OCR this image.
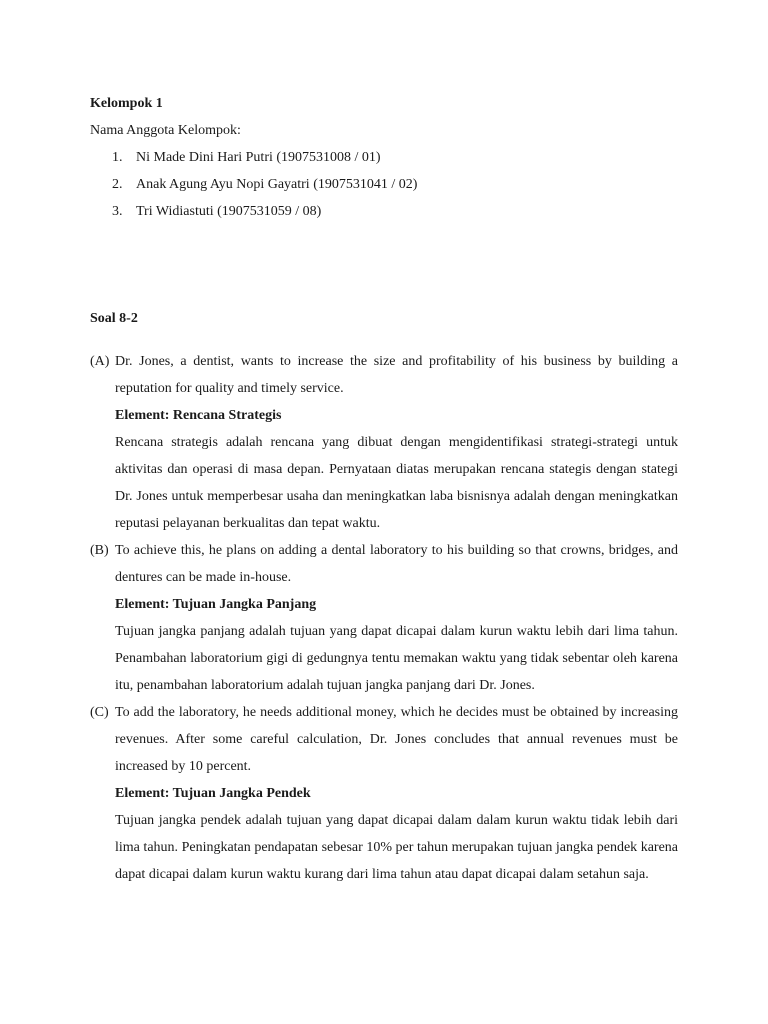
Kelompok 1
Nama Anggota Kelompok:
1. Ni Made Dini Hari Putri (1907531008 / 01)
2. Anak Agung Ayu Nopi Gayatri (1907531041 / 02)
3. Tri Widiastuti (1907531059 / 08)
Soal 8-2
(A) Dr. Jones, a dentist, wants to increase the size and profitability of his business by building a reputation for quality and timely service.
Element: Rencana Strategis
Rencana strategis adalah rencana yang dibuat dengan mengidentifikasi strategi-strategi untuk aktivitas dan operasi di masa depan. Pernyataan diatas merupakan rencana stategis dengan stategi Dr. Jones untuk memperbesar usaha dan meningkatkan laba bisnisnya adalah dengan meningkatkan reputasi pelayanan berkualitas dan tepat waktu.
(B) To achieve this, he plans on adding a dental laboratory to his building so that crowns, bridges, and dentures can be made in-house.
Element: Tujuan Jangka Panjang
Tujuan jangka panjang adalah tujuan yang dapat dicapai dalam kurun waktu lebih dari lima tahun. Penambahan laboratorium gigi di gedungnya tentu memakan waktu yang tidak sebentar oleh karena itu, penambahan laboratorium adalah tujuan jangka panjang dari Dr. Jones.
(C) To add the laboratory, he needs additional money, which he decides must be obtained by increasing revenues. After some careful calculation, Dr. Jones concludes that annual revenues must be increased by 10 percent.
Element: Tujuan Jangka Pendek
Tujuan jangka pendek adalah tujuan yang dapat dicapai dalam dalam kurun waktu tidak lebih dari lima tahun. Peningkatan pendapatan sebesar 10% per tahun merupakan tujuan jangka pendek karena dapat dicapai dalam kurun waktu kurang dari lima tahun atau dapat dicapai dalam setahun saja.
